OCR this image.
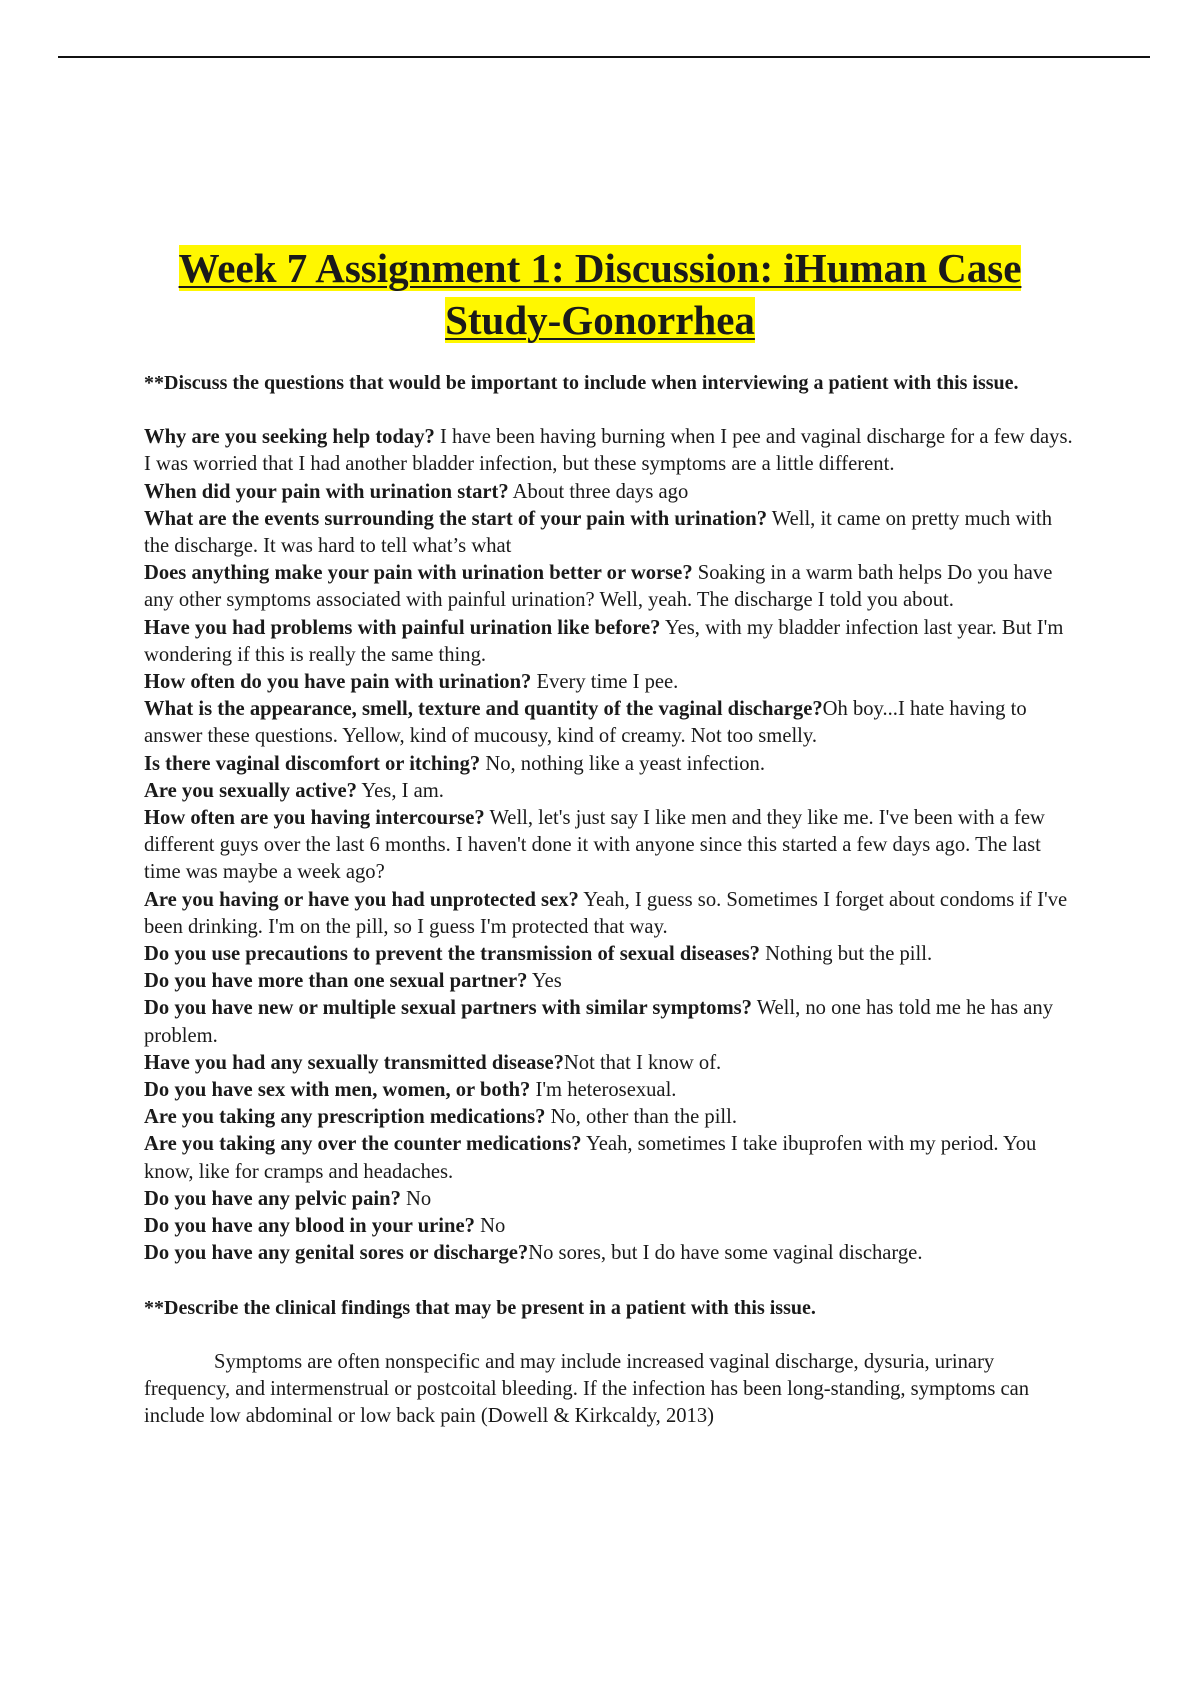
Week 7 Assignment 1: Discussion: iHuman Case
Study-Gonorrhea

**Discuss the questions that would be important to include when interviewing a patient with this issue.

Why are you seeking help today? I have been having burning when I pee and vaginal discharge for a few days. I was worried that I had another bladder infection, but these symptoms are a little different.

When did your pain with urination start? About three days ago

What are the events surrounding the start of your pain with urination? Well, it came on pretty much with the discharge. It was hard to tell what’s what

Does anything make your pain with urination better or worse? Soaking in a warm bath helps Do you have any other symptoms associated with painful urination? Well, yeah. The discharge I told you about.

Have you had problems with painful urination like before? Yes, with my bladder infection last year. But I'm wondering if this is really the same thing.

How often do you have pain with urination? Every time I pee.

What is the appearance, smell, texture and quantity of the vaginal discharge?Oh boy...I hate having to answer these questions. Yellow, kind of mucousy, kind of creamy. Not too smelly.

Is there vaginal discomfort or itching? No, nothing like a yeast infection.

Are you sexually active? Yes, I am.

How often are you having intercourse? Well, let's just say I like men and they like me. I've been with a few different guys over the last 6 months. I haven't done it with anyone since this started a few days ago. The last time was maybe a week ago?

Are you having or have you had unprotected sex? Yeah, I guess so. Sometimes I forget about condoms if I've been drinking. I'm on the pill, so I guess I'm protected that way.

Do you use precautions to prevent the transmission of sexual diseases? Nothing but the pill.

Do you have more than one sexual partner? Yes

Do you have new or multiple sexual partners with similar symptoms? Well, no one has told me he has any problem.

Have you had any sexually transmitted disease?Not that I know of.

Do you have sex with men, women, or both? I'm heterosexual.

Are you taking any prescription medications? No, other than the pill.

Are you taking any over the counter medications? Yeah, sometimes I take ibuprofen with my period. You know, like for cramps and headaches.

Do you have any pelvic pain? No

Do you have any blood in your urine? No

Do you have any genital sores or discharge?No sores, but I do have some vaginal discharge.

**Describe the clinical findings that may be present in a patient with this issue.

Symptoms are often nonspecific and may include increased vaginal discharge, dysuria, urinary frequency, and intermenstrual or postcoital bleeding. If the infection has been long-standing, symptoms can include low abdominal or low back pain (Dowell & Kirkcaldy, 2013)
